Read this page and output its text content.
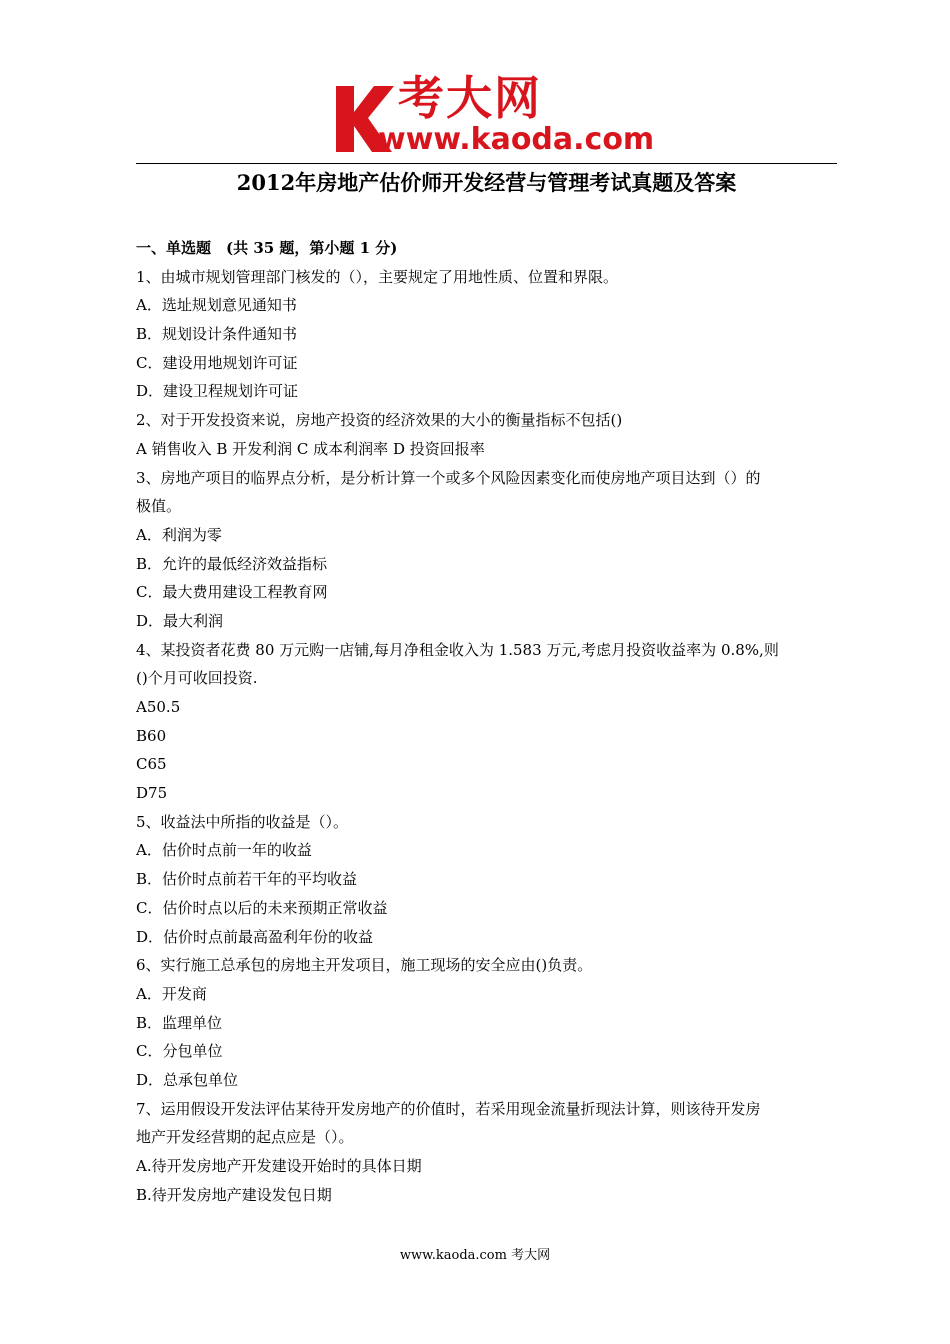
考大网
www.kaoda.com
2012年房地产估价师开发经营与管理考试真题及答案
一、单选题　(共 35 题，第小题 1 分)
1、由城市规划管理部门核发的（），主要规定了用地性质、位置和界限。
A．选址规划意见通知书
B．规划设计条件通知书
C．建设用地规划许可证
D．建设卫程规划许可证
2、对于开发投资来说，房地产投资的经济效果的大小的衡量指标不包括()
A 销售收入 B 开发利润 C 成本利润率 D 投资回报率
3、房地产项目的临界点分析，是分析计算一个或多个风险因素变化而使房地产项目达到（）的
极值。
A．利润为零
B．允许的最低经济效益指标
C．最大费用建设工程教育网
D．最大利润
4、某投资者花费 80 万元购一店铺,每月净租金收入为 1.583 万元,考虑月投资收益率为 0.8%,则
()个月可收回投资.
A50.5
B60
C65
D75
5、收益法中所指的收益是（）。
A．估价时点前一年的收益
B．估价时点前若干年的平均收益
C．估价时点以后的未来预期正常收益
D．估价时点前最高盈利年份的收益
6、实行施工总承包的房地主开发项目，施工现场的安全应由()负责。
A．开发商
B．监理单位
C．分包单位
D．总承包单位
7、运用假设开发法评估某待开发房地产的价值时，若采用现金流量折现法计算，则该待开发房
地产开发经营期的起点应是（）。
A.待开发房地产开发建设开始时的具体日期
B.待开发房地产建设发包日期
www.kaoda.com 考大网
